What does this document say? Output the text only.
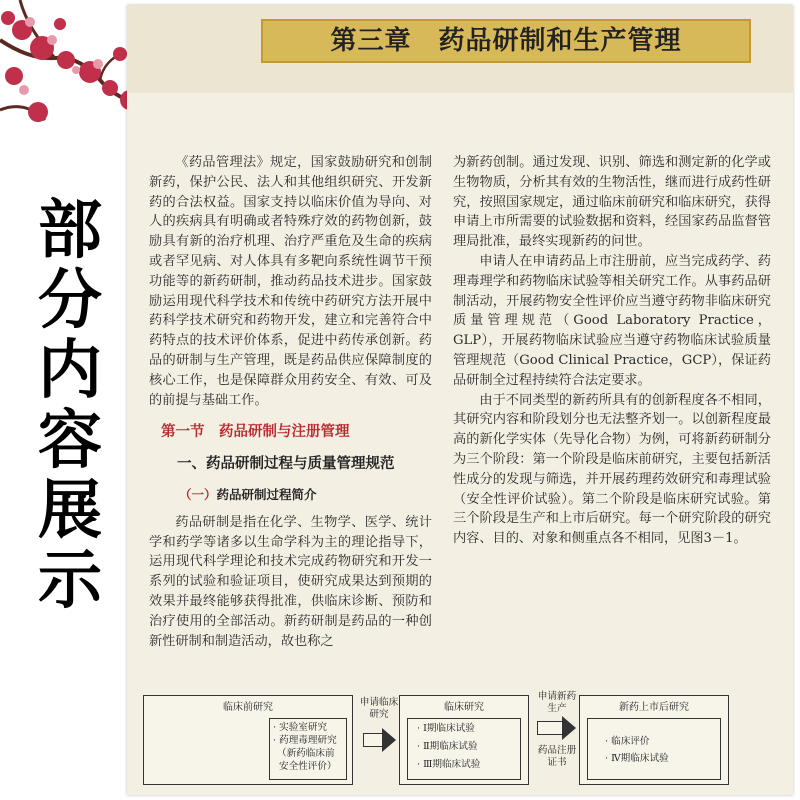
部
分
内
容
展
示
第三章　药品研制和生产管理

《药品管理法》规定，国家鼓励研究和创制新药，保护公民、法人和其他组织研究、开发新药的合法权益。国家支持以临床价值为导向、对人的疾病具有明确或者特殊疗效的药物创新，鼓励具有新的治疗机理、治疗严重危及生命的疾病或者罕见病、对人体具有多靶向系统性调节干预功能等的新药研制，推动药品技术进步。国家鼓励运用现代科学技术和传统中药研究方法开展中药科学技术研究和药物开发，建立和完善符合中药特点的技术评价体系，促进中药传承创新。药品的研制与生产管理，既是药品供应保障制度的核心工作，也是保障群众用药安全、有效、可及的前提与基础工作。

第一节　药品研制与注册管理
一、药品研制过程与质量管理规范
（一）药品研制过程简介

药品研制是指在化学、生物学、医学、统计学和药学等诸多以生命学科为主的理论指导下，运用现代科学理论和技术完成药物研究和开发一系列的试验和验证项目，使研究成果达到预期的效果并最终能够获得批准，供临床诊断、预防和治疗使用的全部活动。新药研制是药品的一种创新性研制和制造活动，故也称之

为新药创制。通过发现、识别、筛选和测定新的化学或生物物质，分析其有效的生物活性，继而进行成药性研究，按照国家规定，通过临床前研究和临床研究，获得申请上市所需要的试验数据和资料，经国家药品监督管理局批准，最终实现新药的问世。

申请人在申请药品上市注册前，应当完成药学、药理毒理学和药物临床试验等相关研究工作。从事药品研制活动，开展药物安全性评价应当遵守药物非临床研究质量管理规范（Good Laboratory Practice，GLP），开展药物临床试验应当遵守药物临床试验质量管理规范（Good Clinical Practice，GCP），保证药品研制全过程持续符合法定要求。

由于不同类型的新药所具有的创新程度各不相同，其研究内容和阶段划分也无法整齐划一。以创新程度最高的新化学实体（先导化合物）为例，可将新药研制分为三个阶段：第一个阶段是临床前研究，主要包括新活性成分的发现与筛选，并开展药理药效研究和毒理试验（安全性评价试验）。第二个阶段是临床研究试验。第三个阶段是生产和上市后研究。每一个研究阶段的研究内容、目的、对象和侧重点各不相同，见图3－1。

临床前研究
· 实验室研究
· 药理毒理研究
（新药临床前
安全性评价）
申请临床
研究
临床研究
· Ⅰ期临床试验
· Ⅱ期临床试验
· Ⅲ期临床试验
申请新药
生产
药品注册
证书
新药上市后研究
· 临床评价
· Ⅳ期临床试验
